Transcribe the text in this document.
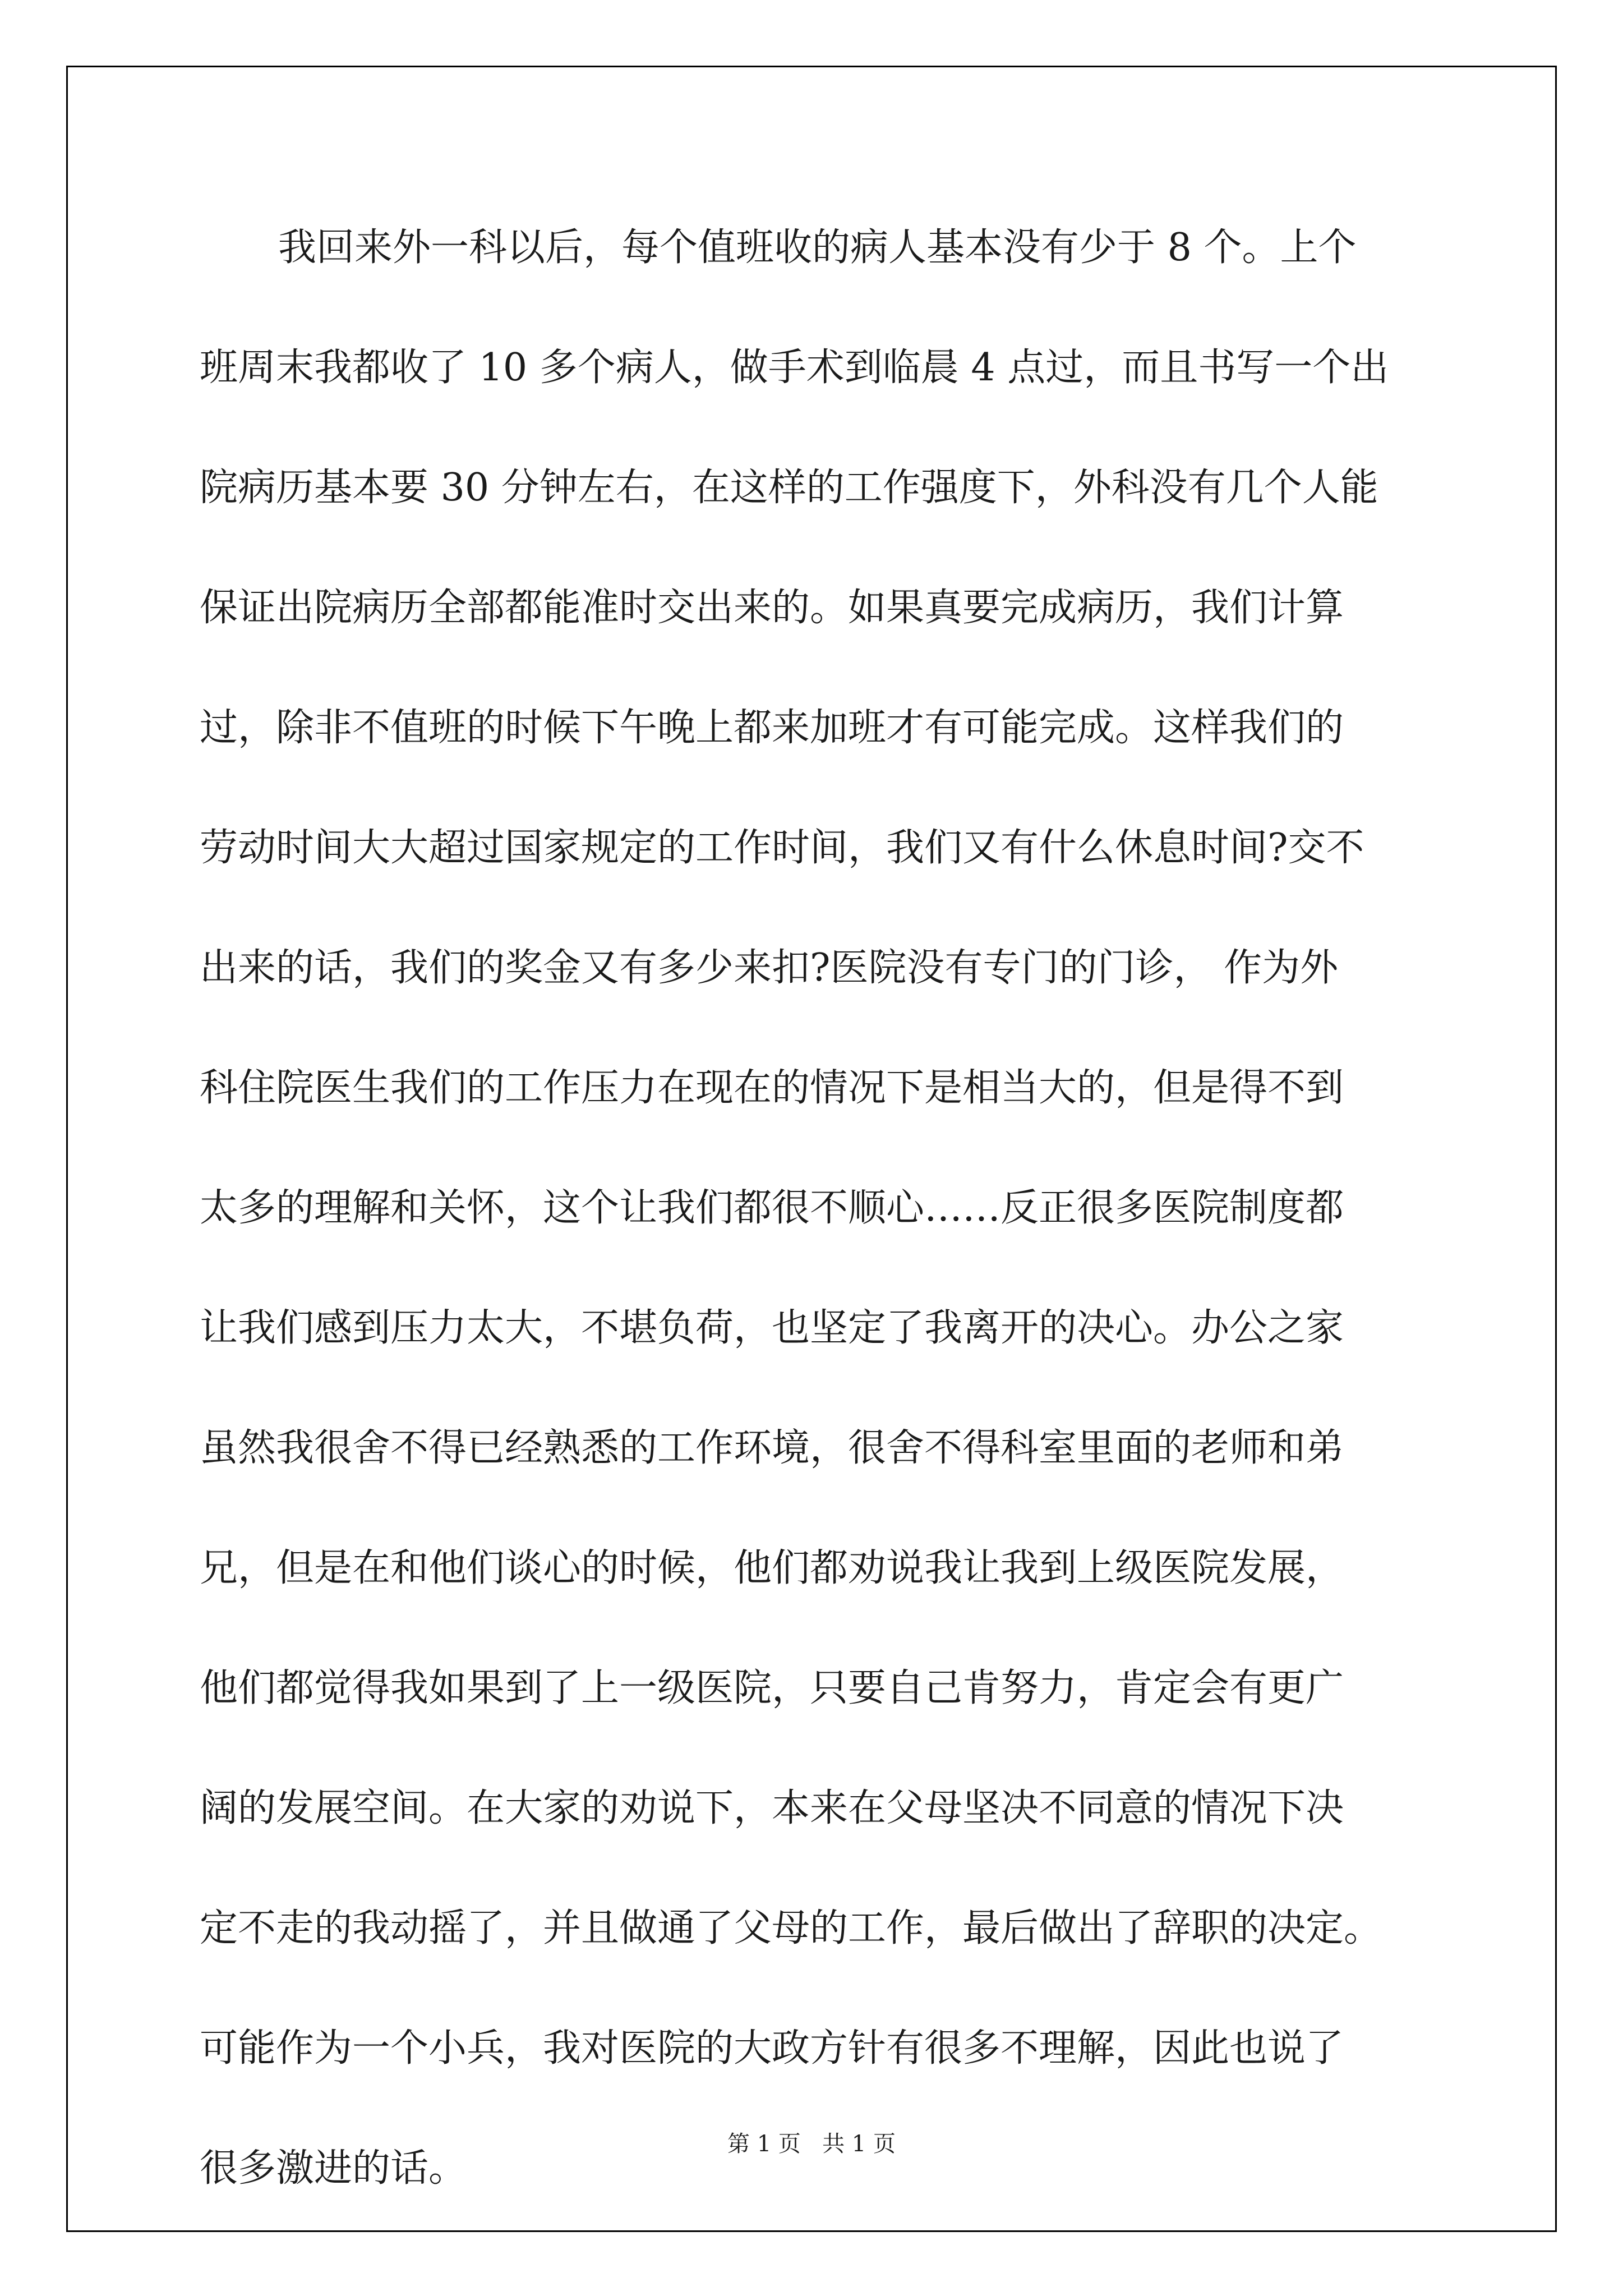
我回来外一科以后，每个值班收的病人基本没有少于 8 个。上个
班周末我都收了 10 多个病人，做手术到临晨 4 点过，而且书写一个出
院病历基本要 30 分钟左右，在这样的工作强度下，外科没有几个人能
保证出院病历全部都能准时交出来的。如果真要完成病历，我们计算
过，除非不值班的时候下午晚上都来加班才有可能完成。这样我们的
劳动时间大大超过国家规定的工作时间，我们又有什么休息时间?交不
出来的话，我们的奖金又有多少来扣?医院没有专门的门诊， 作为外
科住院医生我们的工作压力在现在的情况下是相当大的，但是得不到
太多的理解和关怀，这个让我们都很不顺心……反正很多医院制度都
让我们感到压力太大，不堪负荷，也坚定了我离开的决心。办公之家
虽然我很舍不得已经熟悉的工作环境，很舍不得科室里面的老师和弟
兄，但是在和他们谈心的时候，他们都劝说我让我到上级医院发展，
他们都觉得我如果到了上一级医院，只要自己肯努力，肯定会有更广
阔的发展空间。在大家的劝说下，本来在父母坚决不同意的情况下决
定不走的我动摇了，并且做通了父母的工作，最后做出了辞职的决定。
可能作为一个小兵，我对医院的大政方针有很多不理解，因此也说了
很多激进的话。
第 1 页   共 1 页
